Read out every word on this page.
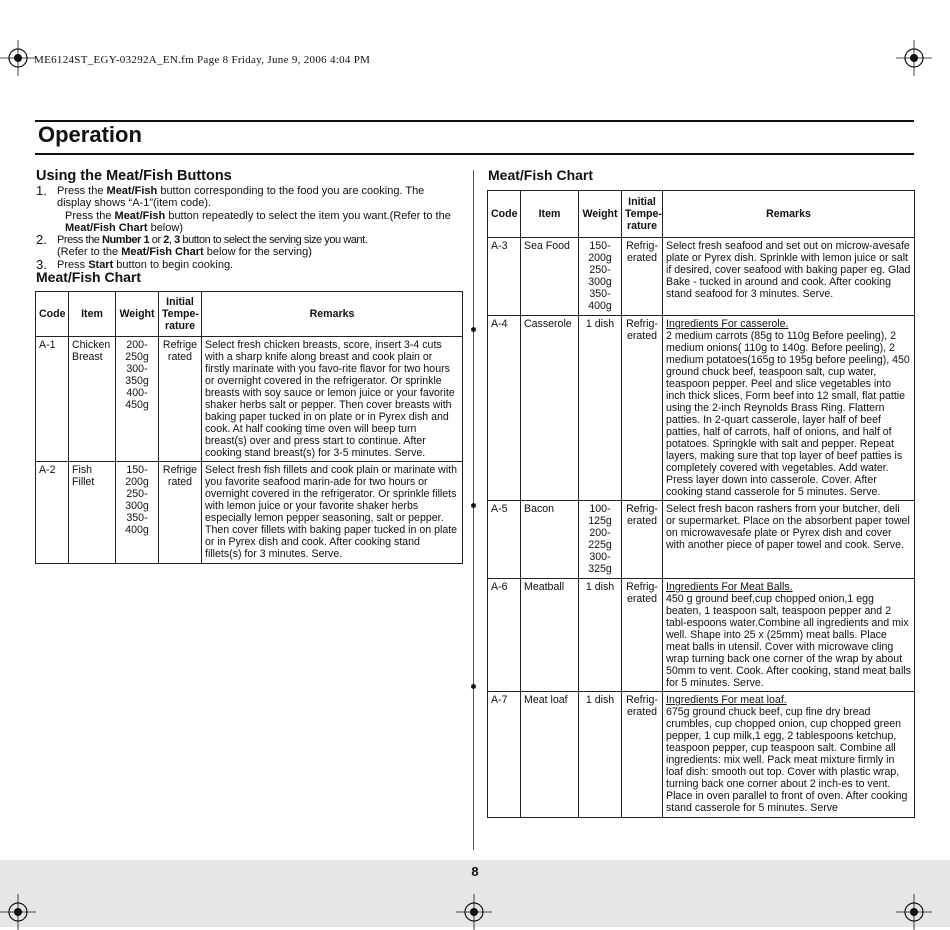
ME6124ST_EGY-03292A_EN.fm Page 8 Friday, June 9, 2006 4:04 PM
Operation
Using the Meat/Fish Buttons
1. Press the Meat/Fish button corresponding to the food you are cooking. The
display shows “A-1”(item code).
Press the Meat/Fish button repeatedly to select the item you want.(Refer to the
Meat/Fish Chart below)
2. Press the Number 1 or 2, 3 button to select the serving size you want.
(Refer to the Meat/Fish Chart below for the serving)
3. Press Start button to begin cooking.
Meat/Fish Chart
Code	Item	Weight	Initial Tempe-rature	Remarks
A-1	Chicken Breast	200-250g 300-350g 400-450g	Refrige rated	Select fresh chicken breasts, score, insert 3-4 cuts with a sharp knife along breast and cook plain or firstly marinate with you favo-rite flavor for two hours or overnight covered in the refrigerator. Or sprinkle breasts with soy sauce or lemon juice or your favorite shaker herbs salt or pepper. Then cover breasts with baking paper tucked in on plate or in Pyrex dish and cook. At half cooking time oven will beep turn breast(s) over and press start to continue. After cooking stand breast(s) for 3-5 minutes. Serve.
A-2	Fish Fillet	150-200g 250-300g 350-400g	Refrige rated	Select fresh fish fillets and cook plain or marinate with you favorite seafood marin-ade for two hours or overnight covered in the refrigerator. Or sprinkle fillets with lemon juice or your favorite shaker herbs especially lemon pepper seasoning, salt or pepper. Then cover fillets with baking paper tucked in on plate or in Pyrex dish and cook. After cooking stand fillets(s) for 3 minutes. Serve.
Meat/Fish Chart
Code	Item	Weight	Initial Tempe-rature	Remarks
A-3	Sea Food	150-200g 250-300g 350-400g	Refrig-erated	Select fresh seafood and set out on microw-avesafe plate or Pyrex dish. Sprinkle with lemon juice or salt if desired, cover seafood with baking paper eg. Glad Bake - tucked in around and cook. After cooking stand seafood for 3 minutes. Serve.
A-4	Casserole	1 dish	Refrig-erated	Ingredients For casserole.
2 medium carrots (85g to 110g Before peeling), 2 medium onions( 110g to 140g. Before peeling), 2 medium potatoes(165g to 195g before peeling), 450 ground chuck beef, teaspoon salt, cup water, teaspoon pepper. Peel and slice vegetables into inch thick slices, Form beef into 12 small, flat pattie using the 2-inch Reynolds Brass Ring. Flattern patties. In 2-quart casserole, layer half of beef patties, half of carrots, half of onions, and half of potatoes. Springkle with salt and pepper. Repeat layers, making sure that top layer of beef patties is completely covered with vegetables. Add water. Press layer down into casserole. Cover. After cooking stand casserole for 5 minutes. Serve.
A-5	Bacon	100-125g 200-225g 300-325g	Refrig-erated	Select fresh bacon rashers from your butcher, deli or supermarket. Place on the absorbent paper towel on microwavesafe plate or Pyrex dish and cover with another piece of paper towel and cook. Serve.
A-6	Meatball	1 dish	Refrig-erated	Ingredients For Meat Balls.
450 g ground beef,cup chopped onion,1 egg beaten, 1 teaspoon salt, teaspoon pepper and 2 tabl-espoons water.Combine all ingredients and mix well. Shape into 25 x (25mm) meat balls. Place meat balls in utensil. Cover with microwave cling wrap turning back one corner of the wrap by about 50mm to vent. Cook. After cooking, stand meat balls for 5 minutes. Serve.
A-7	Meat loaf	1 dish	Refrig-erated	Ingredients For meat loaf.
675g ground chuck beef, cup fine dry bread crumbles, cup chopped onion, cup chopped green pepper, 1 cup milk,1 egg, 2 tablespoons ketchup, teaspoon pepper, cup teaspoon salt. Combine all ingredients: mix well. Pack meat mixture firmly in loaf dish: smooth out top. Cover with plastic wrap, turning back one corner about 2 inch-es to vent. Place in oven parallel to front of oven. After cooking stand casserole for 5 minutes. Serve
8
